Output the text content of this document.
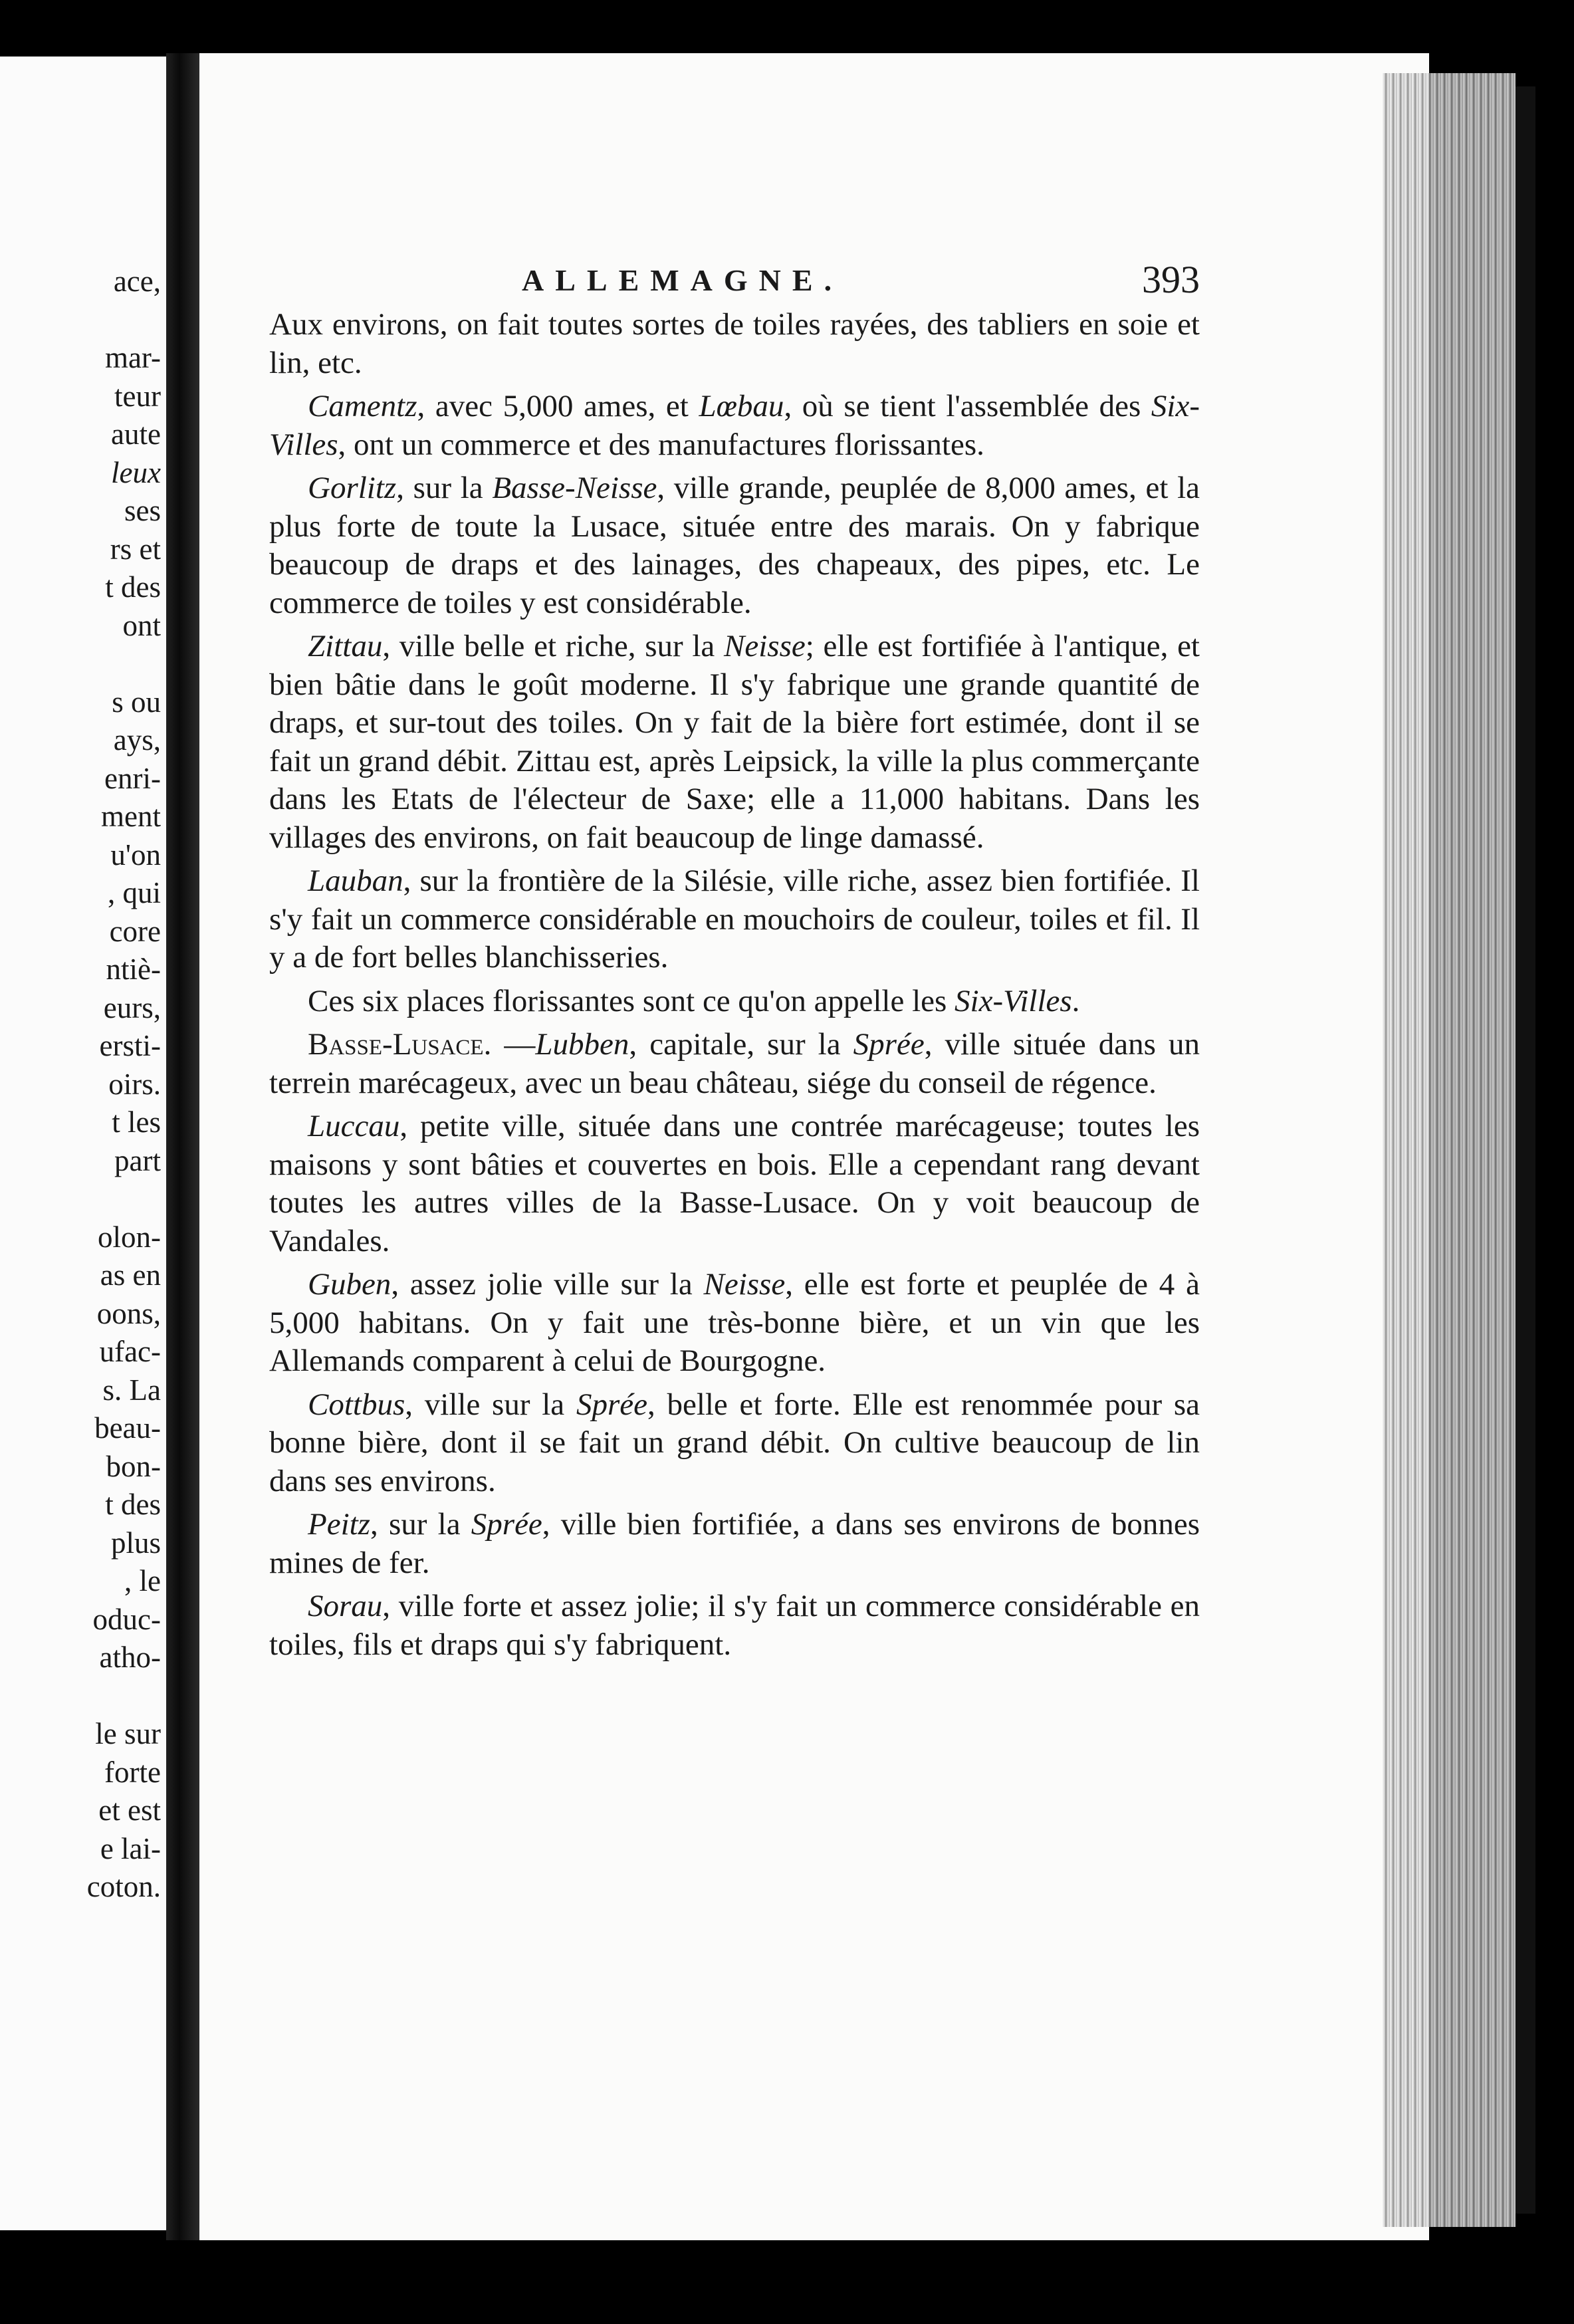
ace,
mar-
teur
aute
leux
ses
rs et
t des
ont
s ou
ays,
enri-
ment
u'on
, qui
core
ntiè-
eurs,
ersti-
oirs.
t les
part
olon-
as en
oons,
ufac-
s. La
beau-
bon-
t des
plus
, le
oduc-
atho-
le sur
forte
et est
e lai-
coton.
ALLEMAGNE.	393

Aux environs, on fait toutes sortes de toiles rayées, des tabliers en soie et lin, etc.

Camentz, avec 5,000 ames, et Lœbau, où se tient l'assemblée des Six-Villes, ont un commerce et des manufactures florissantes.

Gorlitz, sur la Basse-Neisse, ville grande, peuplée de 8,000 ames, et la plus forte de toute la Lusace, située entre des marais. On y fabrique beaucoup de draps et des lainages, des chapeaux, des pipes, etc. Le commerce de toiles y est considérable.

Zittau, ville belle et riche, sur la Neisse; elle est fortifiée à l'antique, et bien bâtie dans le goût moderne. Il s'y fabrique une grande quantité de draps, et sur-tout des toiles. On y fait de la bière fort estimée, dont il se fait un grand débit. Zittau est, après Leipsick, la ville la plus commerçante dans les Etats de l'électeur de Saxe; elle a 11,000 habitans. Dans les villages des environs, on fait beaucoup de linge damassé.

Lauban, sur la frontière de la Silésie, ville riche, assez bien fortifiée. Il s'y fait un commerce considérable en mouchoirs de couleur, toiles et fil. Il y a de fort belles blanchisseries.

Ces six places florissantes sont ce qu'on appelle les Six-Villes.

Basse-Lusace. —Lubben, capitale, sur la Sprée, ville située dans un terrein marécageux, avec un beau château, siége du conseil de régence.

Luccau, petite ville, située dans une contrée marécageuse; toutes les maisons y sont bâties et couvertes en bois. Elle a cependant rang devant toutes les autres villes de la Basse-Lusace. On y voit beaucoup de Vandales.

Guben, assez jolie ville sur la Neisse, elle est forte et peuplée de 4 à 5,000 habitans. On y fait une très-bonne bière, et un vin que les Allemands comparent à celui de Bourgogne.

Cottbus, ville sur la Sprée, belle et forte. Elle est renommée pour sa bonne bière, dont il se fait un grand débit. On cultive beaucoup de lin dans ses environs.

Peitz, sur la Sprée, ville bien fortifiée, a dans ses environs de bonnes mines de fer.

Sorau, ville forte et assez jolie; il s'y fait un commerce considérable en toiles, fils et draps qui s'y fabriquent.
